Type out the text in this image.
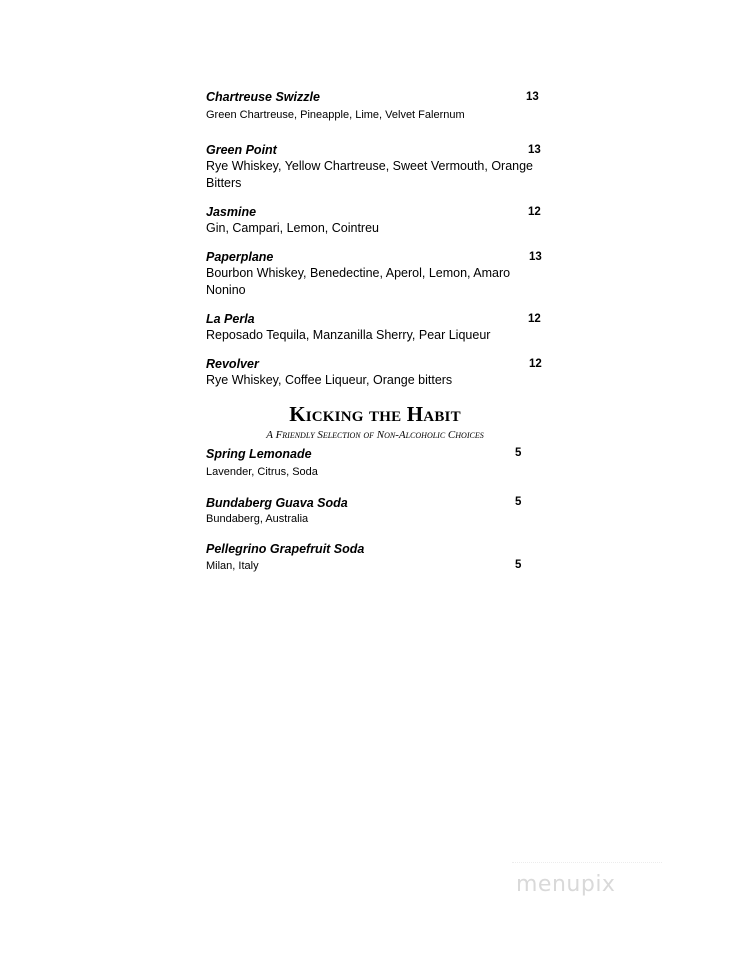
Chartreuse Swizzle	13
Green Chartreuse, Pineapple, Lime, Velvet Falernum
Green Point	13
Rye Whiskey, Yellow Chartreuse, Sweet Vermouth, Orange Bitters
Jasmine	12
Gin, Campari, Lemon, Cointreu
Paperplane	13
Bourbon Whiskey, Benedectine, Aperol, Lemon, Amaro Nonino
La Perla	12
Reposado Tequila, Manzanilla Sherry, Pear Liqueur
Revolver	12
Rye Whiskey, Coffee Liqueur, Orange bitters
Kicking the Habit
A Friendly Selection of Non-Alcoholic Choices
Spring Lemonade	5
Lavender, Citrus, Soda
Bundaberg Guava Soda	5
Bundaberg, Australia
Pellegrino Grapefruit Soda
5
Milan, Italy
menupix
